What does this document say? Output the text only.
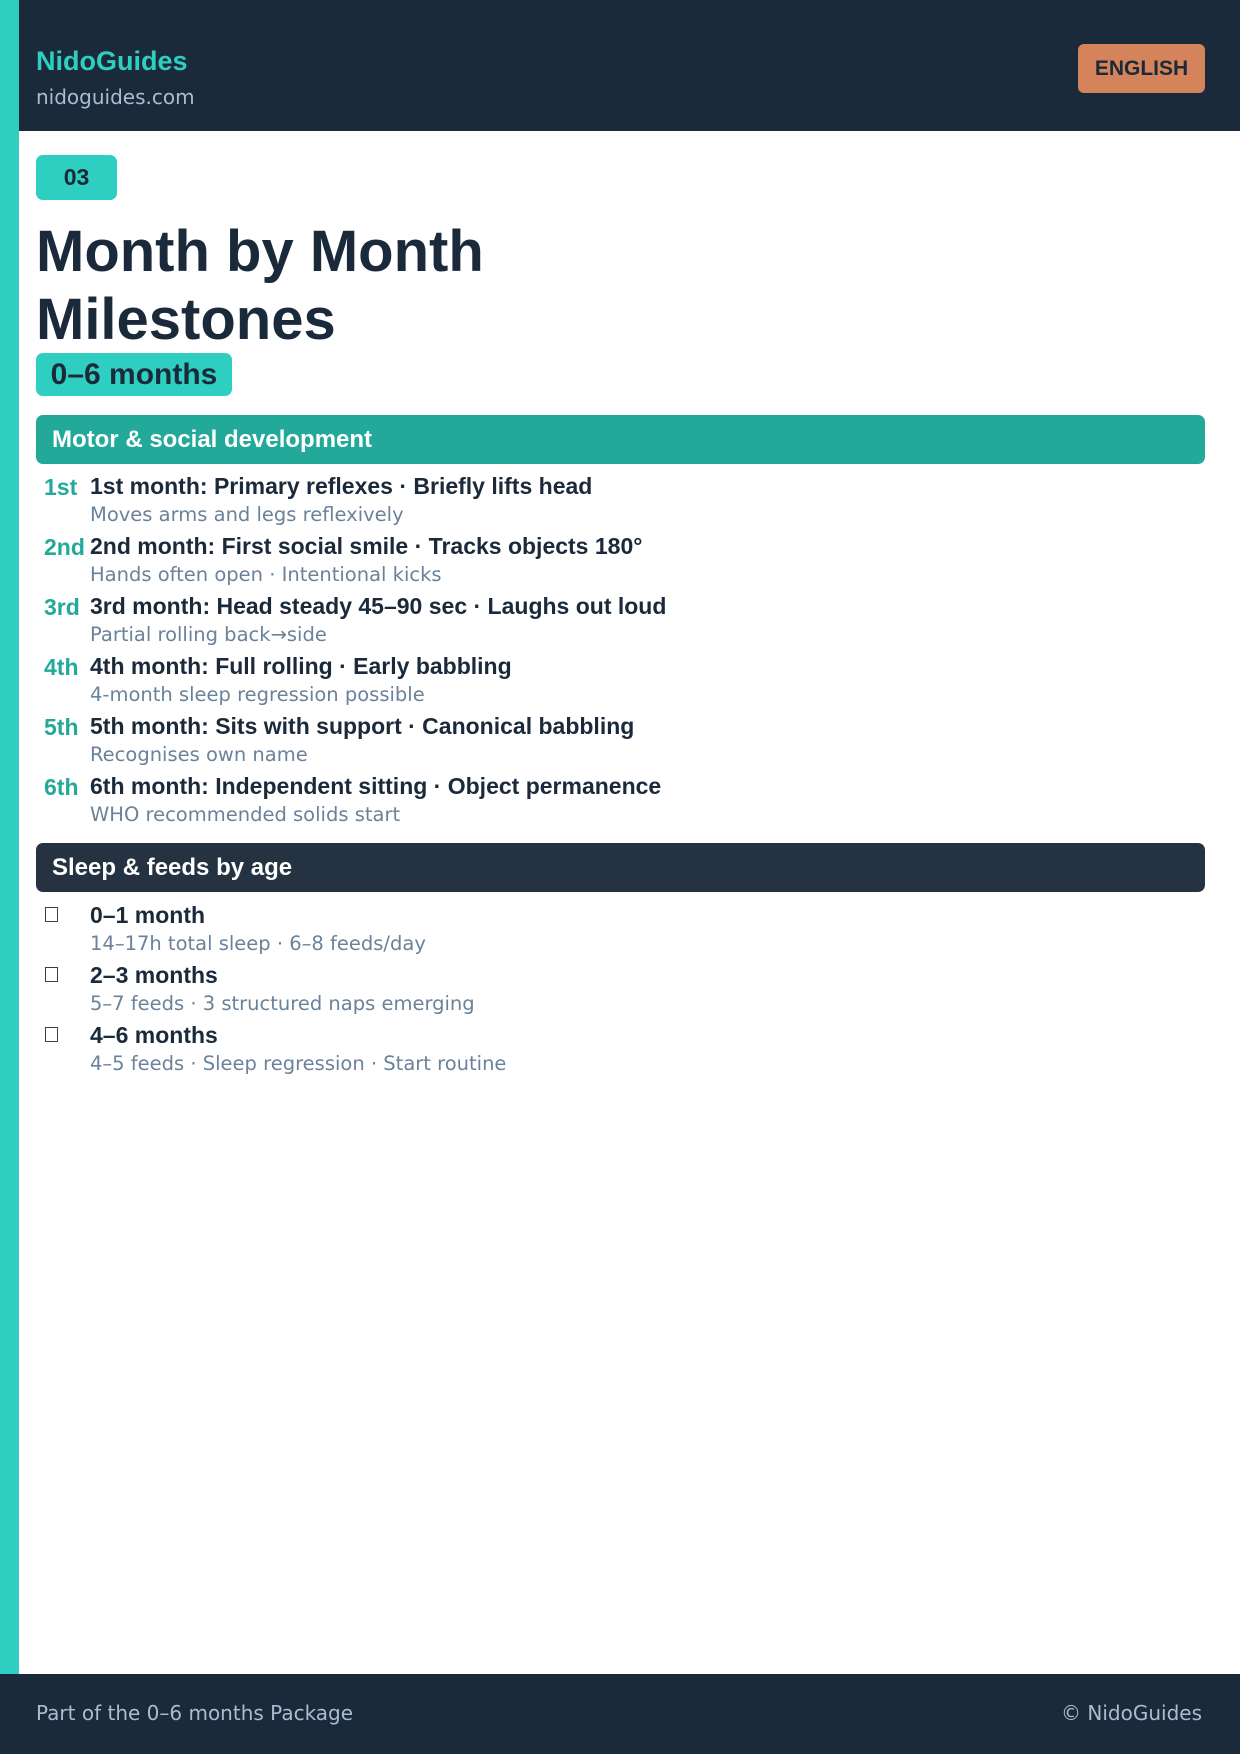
NidoGuides
nidoguides.com
ENGLISH
03
Month by Month Milestones
0–6 months
Motor & social development
1st 1st month: Primary reflexes · Briefly lifts head
Moves arms and legs reflexively
2nd 2nd month: First social smile · Tracks objects 180°
Hands often open · Intentional kicks
3rd 3rd month: Head steady 45–90 sec · Laughs out loud
Partial rolling back→side
4th 4th month: Full rolling · Early babbling
4-month sleep regression possible
5th 5th month: Sits with support · Canonical babbling
Recognises own name
6th 6th month: Independent sitting · Object permanence
WHO recommended solids start
Sleep & feeds by age
0–1 month
14–17h total sleep · 6–8 feeds/day
2–3 months
5–7 feeds · 3 structured naps emerging
4–6 months
4–5 feeds · Sleep regression · Start routine
Part of the 0–6 months Package	© NidoGuides
